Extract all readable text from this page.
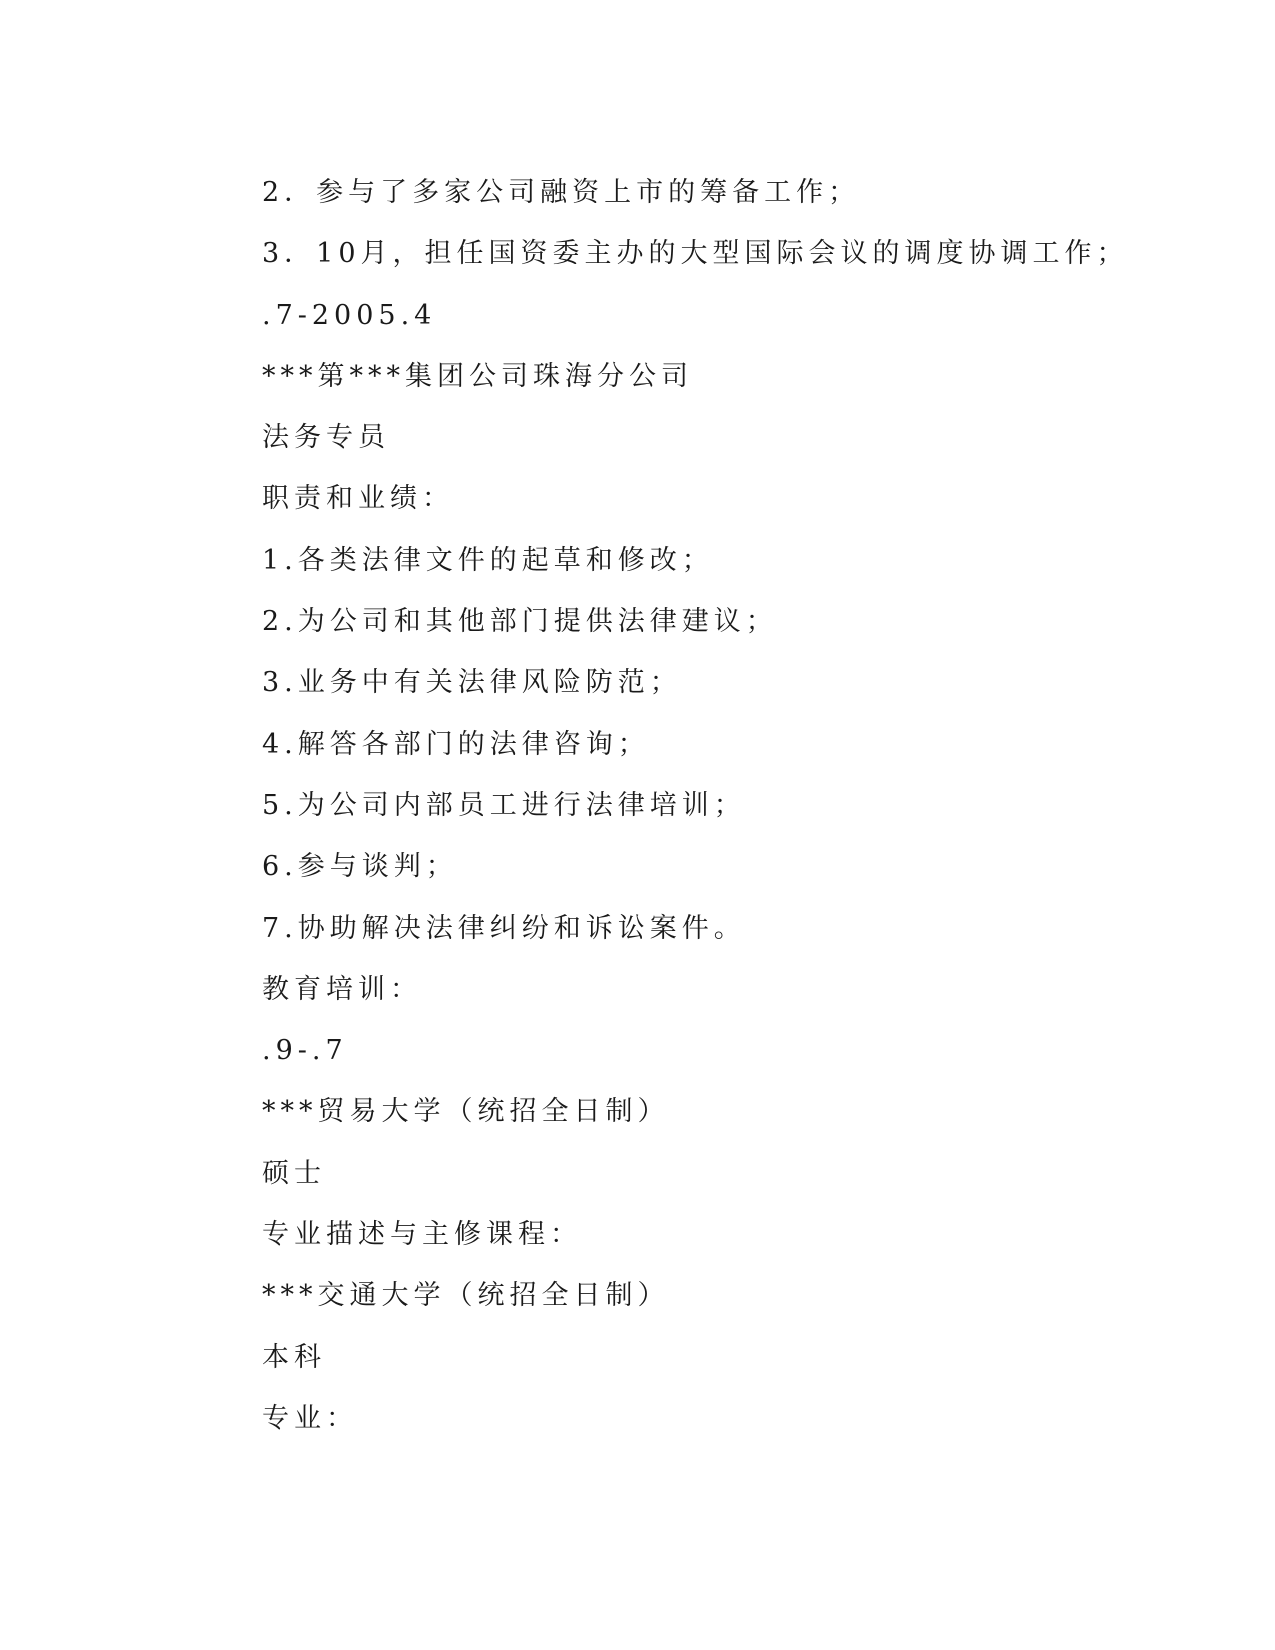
2．参与了多家公司融资上市的筹备工作；
3．10月，担任国资委主办的大型国际会议的调度协调工作；
.7-2005.4
***第***集团公司珠海分公司
法务专员
职责和业绩：
1.各类法律文件的起草和修改；
2.为公司和其他部门提供法律建议；
3.业务中有关法律风险防范；
4.解答各部门的法律咨询；
5.为公司内部员工进行法律培训；
6.参与谈判；
7.协助解决法律纠纷和诉讼案件。
教育培训：
.9-.7
***贸易大学（统招全日制）
硕士
专业描述与主修课程：
***交通大学（统招全日制）
本科
专业：
